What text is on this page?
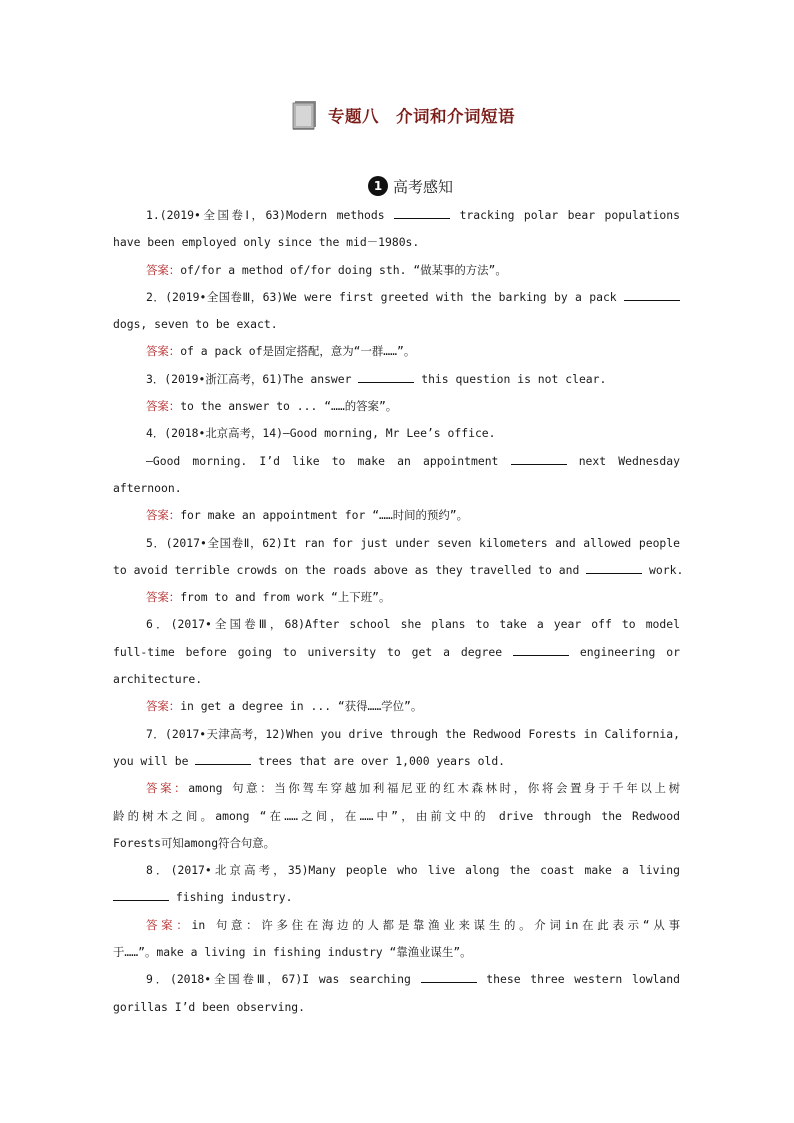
专题八　介词和介词短语
1 高考感知
1.(2019•全国卷Ⅰ，63)Modern methods	tracking polar bear populations
have been employed only since the mid－1980s.
答案：of/for a method of/for doing sth. “做某事的方法”。
2．(2019•全国卷Ⅲ，63)We were first greeted with the barking by a pack
dogs, seven to be exact.
答案：of a pack of是固定搭配，意为“一群……”。
3．(2019•浙江高考，61)The answer	this question is not clear.
答案：to the answer to ... “……的答案”。
4．(2018•北京高考，14)—Good morning, Mr Lee’s office.
—Good morning. I’d like to make an appointment	next Wednesday
afternoon.
答案：for make an appointment for “……时间的预约”。
5．(2017•全国卷Ⅱ，62)It ran for just under seven kilometers and allowed people
to avoid terrible crowds on the roads above as they travelled to and	work.
答案：from to and from work “上下班”。
6．(2017•全国卷Ⅲ，68)After school she plans to take a year off to model
full-time before going to university to get a degree	engineering or
architecture.
答案：in get a degree in ... “获得……学位”。
7．(2017•天津高考，12)When you drive through the Redwood Forests in California,
you will be	trees that are over 1,000 years old.
答案：among 句意：当你驾车穿越加利福尼亚的红木森林时，你将会置身于千年以上树
龄的树木之间。among “在……之间，在……中”，由前文中的 drive through the Redwood
Forests可知among符合句意。
8．(2017•北京高考，35)Many people who live along the coast make a living
fishing industry.
答案：in 句意：许多住在海边的人都是靠渔业来谋生的。介词in在此表示“从事
于……”。make a living in fishing industry “靠渔业谋生”。
9．(2018•全国卷Ⅲ，67)I was searching	these three western lowland
gorillas I’d been observing.
